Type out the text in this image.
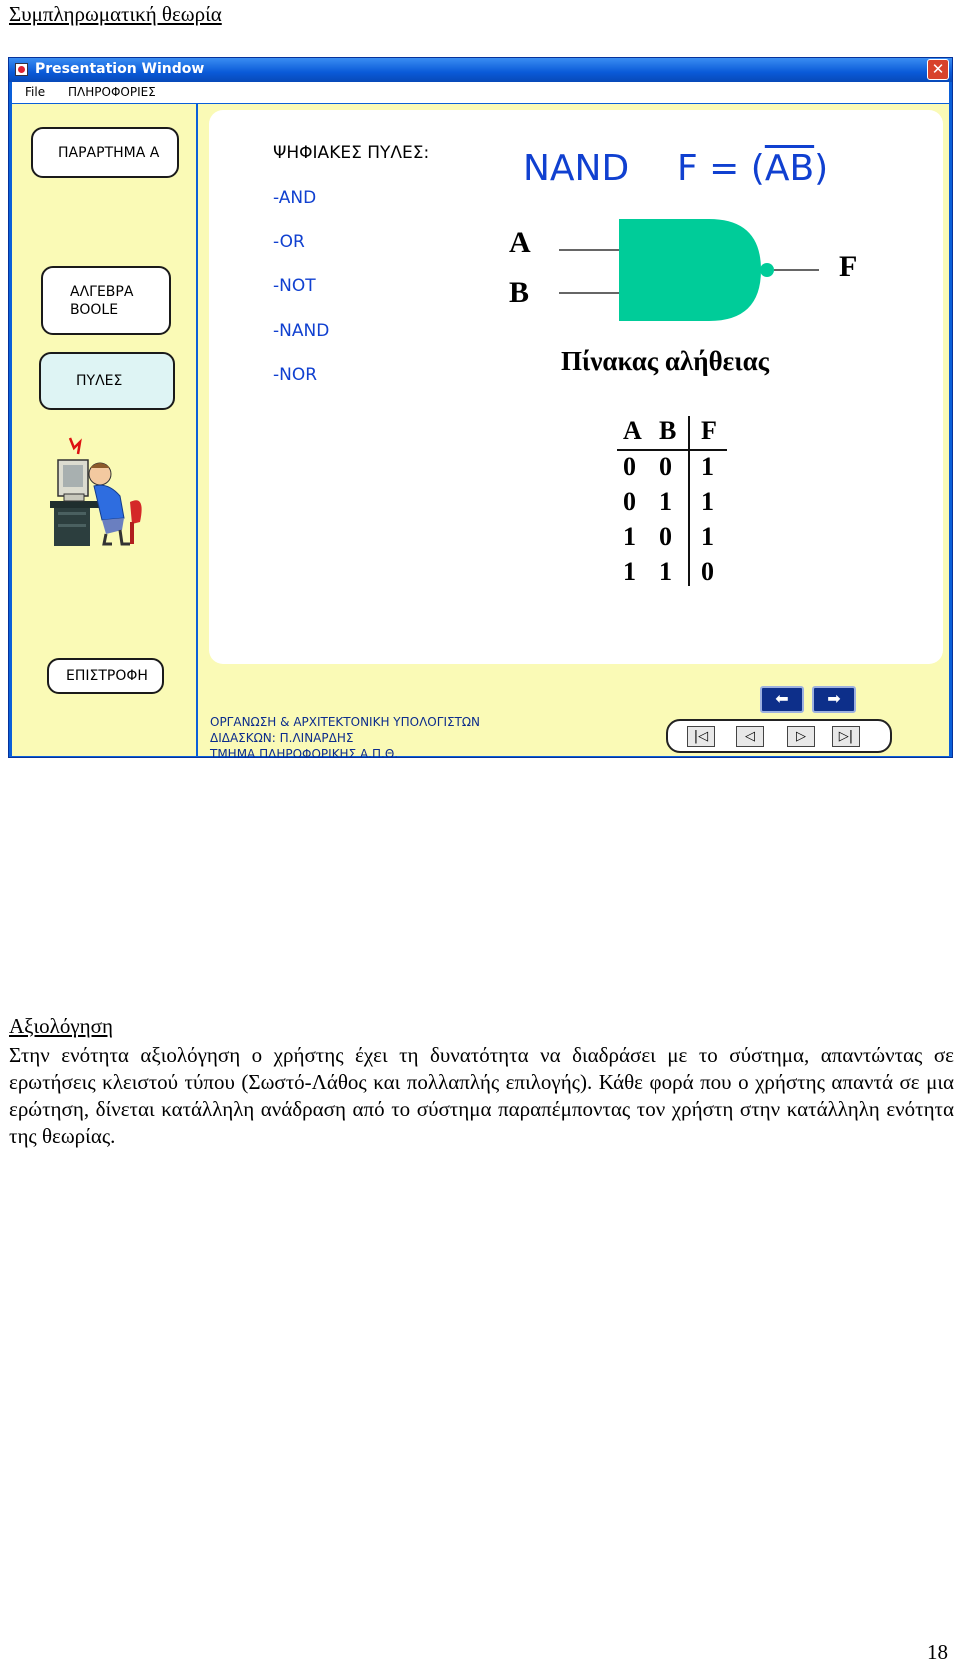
Συμπληρωματική θεωρία
Presentation Window	✕
File ΠΛΗΡΟΦΟΡΙΕΣ
ΠΑΡΑΡΤΗΜΑ Α
ΑΛΓΕΒΡΑ
BOOLE
ΠΥΛΕΣ
ΕΠΙΣΤΡΟΦΗ
ΨΗΦΙΑΚΕΣ ΠΥΛΕΣ:
-AND
-OR
-NOT
-NAND
-NOR
NAND $F = (\overline{AB})$
A
B
F
Πίνακας αλήθειας
A B F
0 0 1
0 1 1
1 0 1
1 1 0
⬅	➡
ΟΡΓΑΝΩΣΗ & ΑΡΧΙΤΕΚΤΟΝΙΚΗ ΥΠΟΛΟΓΙΣΤΩΝ
ΔΙΔΑΣΚΩΝ: Π.ΛΙΝΑΡΔΗΣ
ΤΜΗΜΑ ΠΛΗΡΟΦΟΡΙΚΗΣ Α.Π.Θ.
|◁	◁	▷	▷|
Αξιολόγηση

Στην ενότητα αξιολόγηση ο χρήστης έχει τη δυνατότητα να διαδράσει με το σύστημα, απαντώντας σε ερωτήσεις κλειστού τύπου (Σωστό-Λάθος και πολλαπλής επιλογής). Κάθε φορά που ο χρήστης απαντά σε μια ερώτηση, δίνεται κατάλληλη ανάδραση από το σύστημα παραπέμποντας τον χρήστη στην κατάλληλη ενότητα της θεωρίας.

18
